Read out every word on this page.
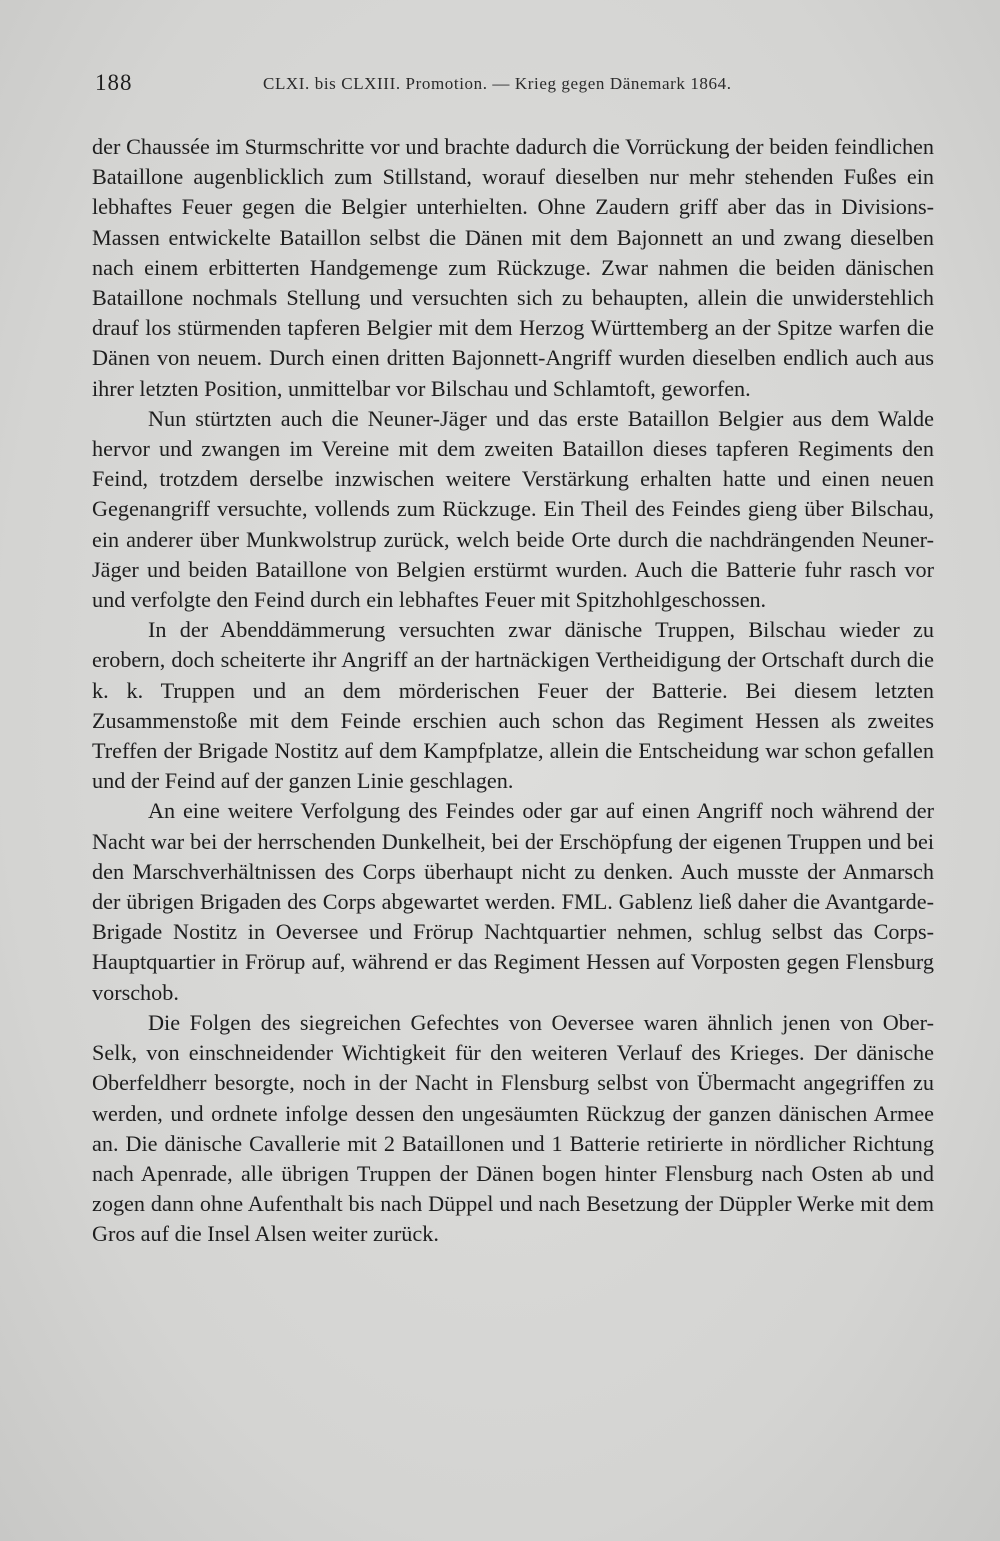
188	CLXI. bis CLXIII. Promotion. — Krieg gegen Dänemark 1864.

der Chaussée im Sturmschritte vor und brachte dadurch die Vorrückung der beiden feindlichen Bataillone augenblicklich zum Stillstand, worauf dieselben nur mehr stehenden Fußes ein lebhaftes Feuer gegen die Belgier unterhielten. Ohne Zaudern griff aber das in Divisions-Massen entwickelte Bataillon selbst die Dänen mit dem Bajonnett an und zwang dieselben nach einem erbitterten Handgemenge zum Rückzuge. Zwar nahmen die beiden dänischen Bataillone nochmals Stellung und versuchten sich zu behaupten, allein die unwiderstehlich drauf los stürmenden tapferen Belgier mit dem Herzog Württemberg an der Spitze warfen die Dänen von neuem. Durch einen dritten Bajonnett-Angriff wurden dieselben endlich auch aus ihrer letzten Position, unmittelbar vor Bilschau und Schlamtoft, geworfen.

Nun stürtzten auch die Neuner-Jäger und das erste Bataillon Belgier aus dem Walde hervor und zwangen im Vereine mit dem zweiten Bataillon dieses tapferen Regiments den Feind, trotzdem derselbe inzwischen weitere Verstärkung erhalten hatte und einen neuen Gegenangriff versuchte, vollends zum Rückzuge. Ein Theil des Feindes gieng über Bilschau, ein anderer über Munkwolstrup zurück, welch beide Orte durch die nachdrängenden Neuner-Jäger und beiden Bataillone von Belgien erstürmt wurden. Auch die Batterie fuhr rasch vor und verfolgte den Feind durch ein lebhaftes Feuer mit Spitzhohlgeschossen.

In der Abenddämmerung versuchten zwar dänische Truppen, Bilschau wieder zu erobern, doch scheiterte ihr Angriff an der hartnäckigen Vertheidigung der Ortschaft durch die k. k. Truppen und an dem mörderischen Feuer der Batterie. Bei diesem letzten Zusammenstoße mit dem Feinde erschien auch schon das Regiment Hessen als zweites Treffen der Brigade Nostitz auf dem Kampfplatze, allein die Entscheidung war schon gefallen und der Feind auf der ganzen Linie geschlagen.

An eine weitere Verfolgung des Feindes oder gar auf einen Angriff noch während der Nacht war bei der herrschenden Dunkelheit, bei der Erschöpfung der eigenen Truppen und bei den Marschverhältnissen des Corps überhaupt nicht zu denken. Auch musste der Anmarsch der übrigen Brigaden des Corps abgewartet werden. FML. Gablenz ließ daher die Avantgarde-Brigade Nostitz in Oeversee und Frörup Nachtquartier nehmen, schlug selbst das Corps-Hauptquartier in Frörup auf, während er das Regiment Hessen auf Vorposten gegen Flensburg vorschob.

Die Folgen des siegreichen Gefechtes von Oeversee waren ähnlich jenen von Ober-Selk, von einschneidender Wichtigkeit für den weiteren Verlauf des Krieges. Der dänische Oberfeldherr besorgte, noch in der Nacht in Flensburg selbst von Übermacht angegriffen zu werden, und ordnete infolge dessen den ungesäumten Rückzug der ganzen dänischen Armee an. Die dänische Cavallerie mit 2 Bataillonen und 1 Batterie retirierte in nördlicher Richtung nach Apenrade, alle übrigen Truppen der Dänen bogen hinter Flensburg nach Osten ab und zogen dann ohne Aufenthalt bis nach Düppel und nach Besetzung der Düppler Werke mit dem Gros auf die Insel Alsen weiter zurück.
